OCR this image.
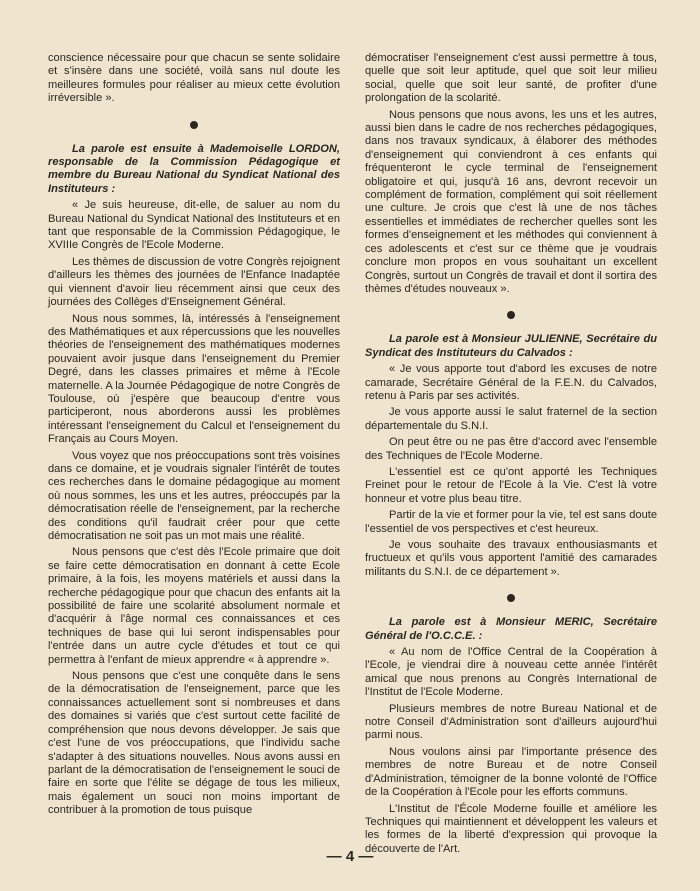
conscience nécessaire pour que chacun se sente solidaire et s'insère dans une société, voilà sans nul doute les meilleures formules pour réaliser au mieux cette évolution irréversible ».

La parole est ensuite à Mademoiselle LORDON, responsable de la Commission Pédagogique et membre du Bureau National du Syndicat National des Instituteurs :

« Je suis heureuse, dit-elle, de saluer au nom du Bureau National du Syndicat National des Instituteurs et en tant que responsable de la Commission Pédagogique, le XVIIIe Congrès de l'Ecole Moderne.

Les thèmes de discussion de votre Congrès rejoignent d'ailleurs les thèmes des journées de l'Enfance Inadaptée qui viennent d'avoir lieu récemment ainsi que ceux des journées des Collèges d'Enseignement Général.

Nous nous sommes, là, intéressés à l'enseignement des Mathématiques et aux répercussions que les nouvelles théories de l'enseignement des mathématiques modernes pouvaient avoir jusque dans l'enseignement du Premier Degré, dans les classes primaires et même à l'Ecole maternelle. A la Journée Pédagogique de notre Congrès de Toulouse, où j'espère que beaucoup d'entre vous participeront, nous aborderons aussi les problèmes intéressant l'enseignement du Calcul et l'enseignement du Français au Cours Moyen.

Vous voyez que nos préoccupations sont très voisines dans ce domaine, et je voudrais signaler l'intérêt de toutes ces recherches dans le domaine pédagogique au moment où nous sommes, les uns et les autres, préoccupés par la démocratisation réelle de l'enseignement, par la recherche des conditions qu'il faudrait créer pour que cette démocratisation ne soit pas un mot mais une réalité.

Nous pensons que c'est dès l'Ecole primaire que doit se faire cette démocratisation en donnant à cette Ecole primaire, à la fois, les moyens matériels et aussi dans la recherche pédagogique pour que chacun des enfants ait la possibilité de faire une scolarité absolument normale et d'acquérir à l'âge normal ces connaissances et ces techniques de base qui lui seront indispensables pour l'entrée dans un autre cycle d'études et tout ce qui permettra à l'enfant de mieux apprendre « à apprendre ».

Nous pensons que c'est une conquête dans le sens de la démocratisation de l'enseignement, parce que les connaissances actuellement sont si nombreuses et dans des domaines si variés que c'est surtout cette facilité de compréhension que nous devons développer. Je sais que c'est l'une de vos préoccupations, que l'individu sache s'adapter à des situations nouvelles. Nous avons aussi en parlant de la démocratisation de l'enseignement le souci de faire en sorte que l'élite se dégage de tous les milieux, mais également un souci non moins important de contribuer à la promotion de tous puisque

démocratiser l'enseignement c'est aussi permettre à tous, quelle que soit leur aptitude, quel que soit leur milieu social, quelle que soit leur santé, de profiter d'une prolongation de la scolarité.

Nous pensons que nous avons, les uns et les autres, aussi bien dans le cadre de nos recherches pédagogiques, dans nos travaux syndicaux, à élaborer des méthodes d'enseignement qui conviendront à ces enfants qui fréquenteront le cycle terminal de l'enseignement obligatoire et qui, jusqu'à 16 ans, devront recevoir un complément de formation, complément qui soit réellement une culture. Je crois que c'est là une de nos tâches essentielles et immédiates de rechercher quelles sont les formes d'enseignement et les méthodes qui conviennent à ces adolescents et c'est sur ce thème que je voudrais conclure mon propos en vous souhaitant un excellent Congrès, surtout un Congrès de travail et dont il sortira des thèmes d'études nouveaux ».

La parole est à Monsieur JULIENNE, Secrétaire du Syndicat des Instituteurs du Calvados :

« Je vous apporte tout d'abord les excuses de notre camarade, Secrétaire Général de la F.E.N. du Calvados, retenu à Paris par ses activités.

Je vous apporte aussi le salut fraternel de la section départementale du S.N.I.

On peut être ou ne pas être d'accord avec l'ensemble des Techniques de l'Ecole Moderne.

L'essentiel est ce qu'ont apporté les Techniques Freinet pour le retour de l'Ecole à la Vie. C'est là votre honneur et votre plus beau titre.

Partir de la vie et former pour la vie, tel est sans doute l'essentiel de vos perspectives et c'est heureux.

Je vous souhaite des travaux enthousiasmants et fructueux et qu'ils vous apportent l'amitié des camarades militants du S.N.I. de ce département ».

La parole est à Monsieur MERIC, Secrétaire Général de l'O.C.C.E. :

« Au nom de l'Office Central de la Coopération à l'Ecole, je viendrai dire à nouveau cette année l'intérêt amical que nous prenons au Congrès International de l'Institut de l'Ecole Moderne.

Plusieurs membres de notre Bureau National et de notre Conseil d'Administration sont d'ailleurs aujourd'hui parmi nous.

Nous voulons ainsi par l'importante présence des membres de notre Bureau et de notre Conseil d'Administration, témoigner de la bonne volonté de l'Office de la Coopération à l'Ecole pour les efforts communs.

L'Institut de l'École Moderne fouille et améliore les Techniques qui maintiennent et développent les valeurs et les formes de la liberté d'expression qui provoque la découverte de l'Art.

— 4 —
